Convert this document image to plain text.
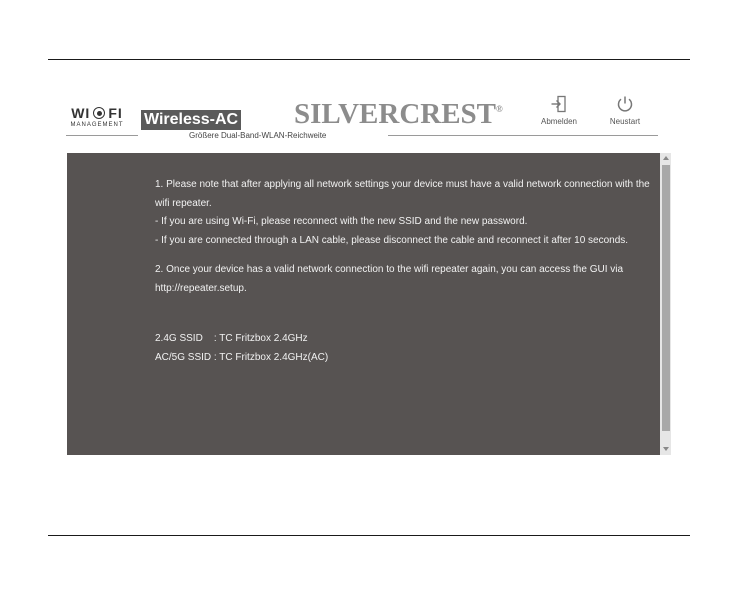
WI FI
MANAGEMENT Wireless-AC
Größere Dual-Band-WLAN-Reichweite
SILVERCREST®
Abmelden	Neustart
1. Please note that after applying all network settings your device must have a valid network connection with the
wifi repeater.
- If you are using Wi-Fi, please reconnect with the new SSID and the new password.
- If you are connected through a LAN cable, please disconnect the cable and reconnect it after 10 seconds.
2. Once your device has a valid network connection to the wifi repeater again, you can access the GUI via
http://repeater.setup.
2.4G SSID    : TC Fritzbox 2.4GHz
AC/5G SSID : TC Fritzbox 2.4GHz(AC)
